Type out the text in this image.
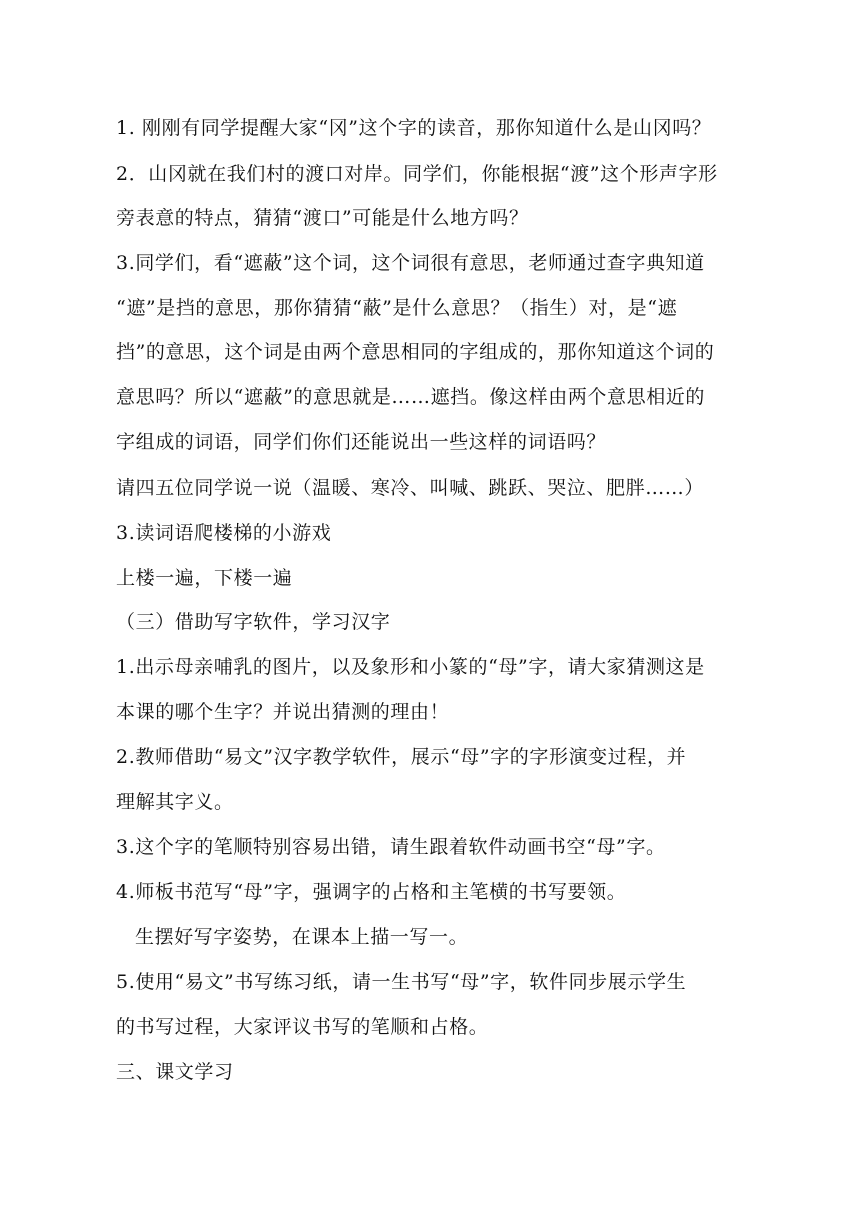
1. 刚刚有同学提醒大家“冈”这个字的读音，那你知道什么是山冈吗？
2．山冈就在我们村的渡口对岸。同学们，你能根据“渡”这个形声字形
旁表意的特点，猜猜“渡口”可能是什么地方吗？
3.同学们，看“遮蔽”这个词，这个词很有意思，老师通过查字典知道
“遮”是挡的意思，那你猜猜“蔽”是什么意思？（指生）对，是“遮
挡”的意思，这个词是由两个意思相同的字组成的，那你知道这个词的
意思吗？所以“遮蔽”的意思就是……遮挡。像这样由两个意思相近的
字组成的词语，同学们你们还能说出一些这样的词语吗？
请四五位同学说一说（温暖、寒冷、叫喊、跳跃、哭泣、肥胖……）
3.读词语爬楼梯的小游戏
上楼一遍，下楼一遍
（三）借助写字软件，学习汉字
1.出示母亲哺乳的图片，以及象形和小篆的“母”字，请大家猜测这是
本课的哪个生字？并说出猜测的理由！
2.教师借助“易文”汉字教学软件，展示“母”字的字形演变过程，并
理解其字义。
3.这个字的笔顺特别容易出错，请生跟着软件动画书空“母”字。
4.师板书范写“母”字，强调字的占格和主笔横的书写要领。
生摆好写字姿势，在课本上描一写一。
5.使用“易文”书写练习纸，请一生书写“母”字，软件同步展示学生
的书写过程，大家评议书写的笔顺和占格。
三、课文学习
